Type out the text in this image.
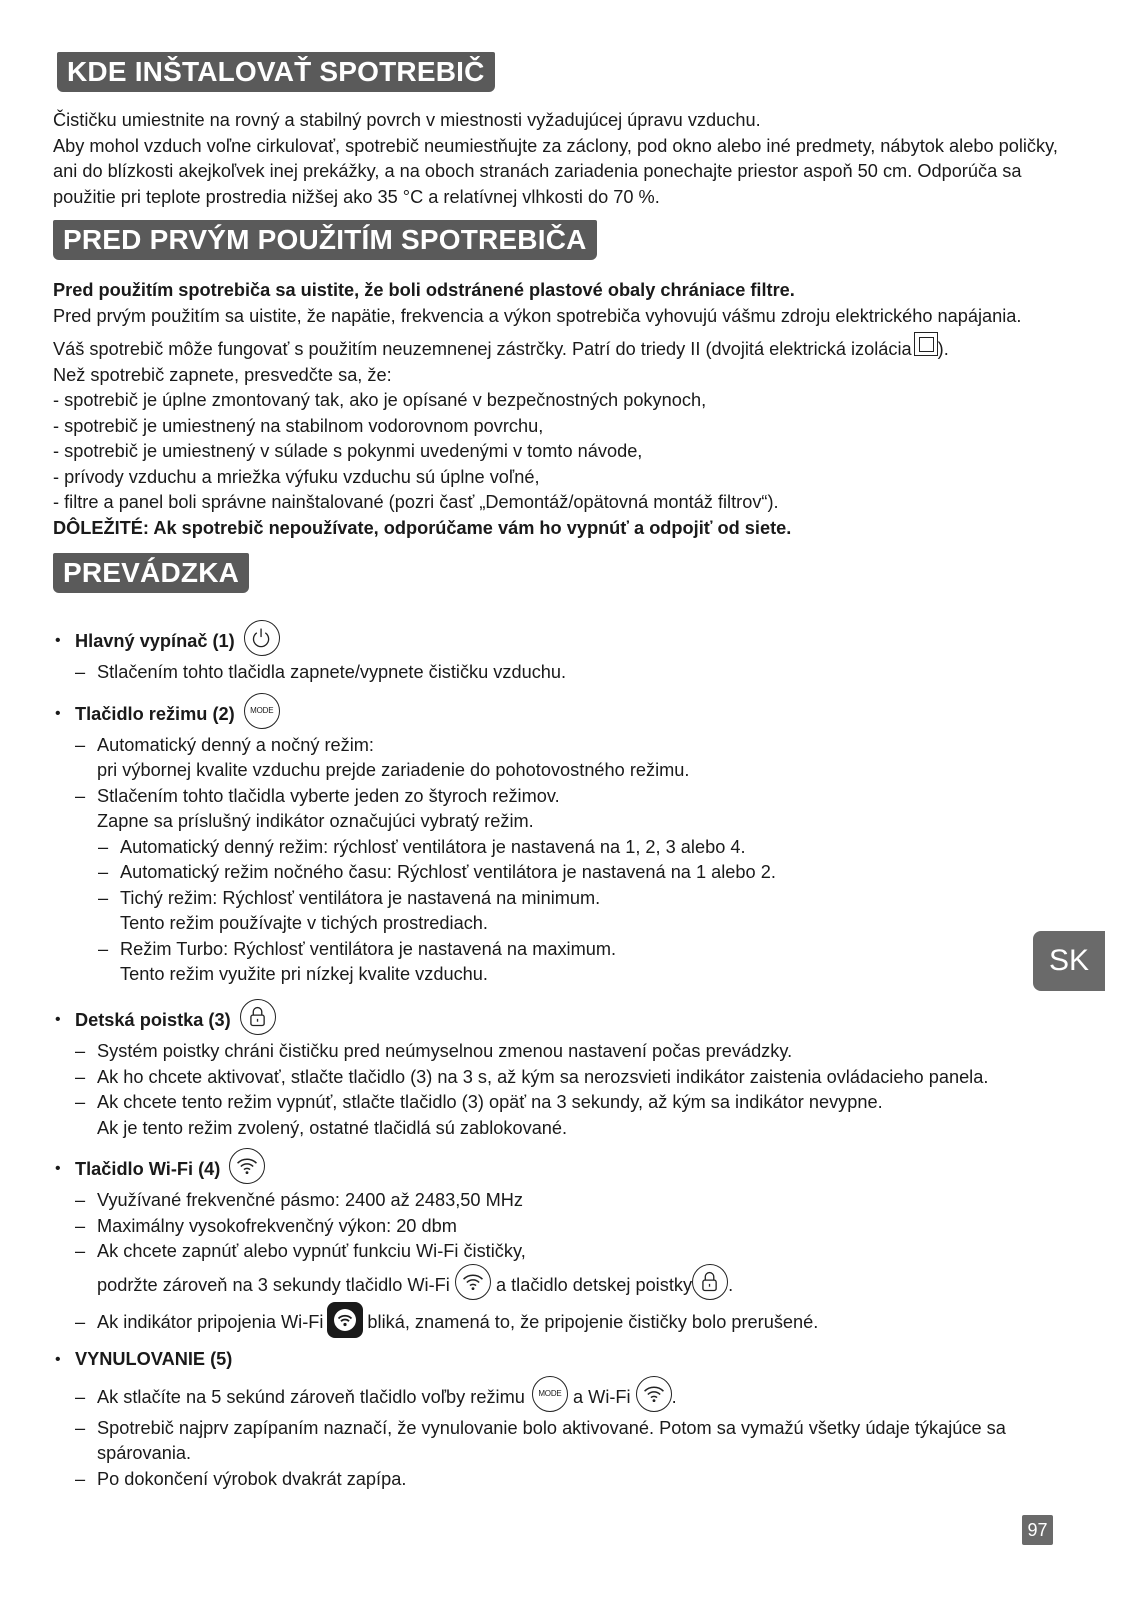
KDE INŠTALOVAŤ SPOTREBIČ

Čističku umiestnite na rovný a stabilný povrch v miestnosti vyžadujúcej úpravu vzduchu.

Aby mohol vzduch voľne cirkulovať, spotrebič neumiestňujte za záclony, pod okno alebo iné predmety, nábytok alebo poličky, ani do blízkosti akejkoľvek inej prekážky, a na oboch stranách zariadenia ponechajte priestor aspoň 50 cm. Odporúča sa použitie pri teplote prostredia nižšej ako 35 °C a relatívnej vlhkosti do 70 %.

PRED PRVÝM POUŽITÍM SPOTREBIČA

Pred použitím spotrebiča sa uistite, že boli odstránené plastové obaly chrániace filtre.

Pred prvým použitím sa uistite, že napätie, frekvencia a výkon spotrebiča vyhovujú vášmu zdroju elektrického napájania.

Váš spotrebič môže fungovať s použitím neuzemnenej zástrčky. Patrí do triedy II (dvojitá elektrická izolácia ).

Než spotrebič zapnete, presvedčte sa, že:

- spotrebič je úplne zmontovaný tak, ako je opísané v bezpečnostných pokynoch,

- spotrebič je umiestnený na stabilnom vodorovnom povrchu,

- spotrebič je umiestnený v súlade s pokynmi uvedenými v tomto návode,

- prívody vzduchu a mriežka výfuku vzduchu sú úplne voľné,

- filtre a panel boli správne nainštalované (pozri časť „Demontáž/opätovná montáž filtrov“).

DÔLEŽITÉ: Ak spotrebič nepoužívate, odporúčame vám ho vypnúť a odpojiť od siete.

PREVÁDZKA
• Hlavný vypínač (1)
– Stlačením tohto tlačidla zapnete/vypnete čističku vzduchu.
• Tlačidlo režimu (2) MODE
– Automatický denný a nočný režim:
pri výbornej kvalite vzduchu prejde zariadenie do pohotovostného režimu.
– Stlačením tohto tlačidla vyberte jeden zo štyroch režimov.
Zapne sa príslušný indikátor označujúci vybratý režim.
– Automatický denný režim: rýchlosť ventilátora je nastavená na 1, 2, 3 alebo 4.
– Automatický režim nočného času: Rýchlosť ventilátora je nastavená na 1 alebo 2.
– Tichý režim: Rýchlosť ventilátora je nastavená na minimum.
Tento režim používajte v tichých prostrediach.
– Režim Turbo: Rýchlosť ventilátora je nastavená na maximum.
Tento režim využite pri nízkej kvalite vzduchu.
• Detská poistka (3)
– Systém poistky chráni čističku pred neúmyselnou zmenou nastavení počas prevádzky.
– Ak ho chcete aktivovať, stlačte tlačidlo (3) na 3 s, až kým sa nerozsvieti indikátor zaistenia ovládacieho panela.
– Ak chcete tento režim vypnúť, stlačte tlačidlo (3) opäť na 3 sekundy, až kým sa indikátor nevypne.
Ak je tento režim zvolený, ostatné tlačidlá sú zablokované.
• Tlačidlo Wi-Fi (4)
– Využívané frekvenčné pásmo: 2400 až 2483,50 MHz
– Maximálny vysokofrekvenčný výkon: 20 dbm
– Ak chcete zapnúť alebo vypnúť funkciu Wi-Fi čističky,
podržte zároveň na 3 sekundy tlačidlo Wi-Fi	a tlačidlo detskej poistky .
– Ak indikátor pripojenia Wi-Fi bliká, znamená to, že pripojenie čističky bolo prerušené.
• VYNULOVANIE (5)
– Ak stlačíte na 5 sekúnd zároveň tlačidlo voľby režimu MODE a Wi-Fi .
– Spotrebič najprv zapípaním naznačí, že vynulovanie bolo aktivované. Potom sa vymažú všetky údaje týkajúce sa spárovania.
– Po dokončení výrobok dvakrát zapípa.
SK
97
